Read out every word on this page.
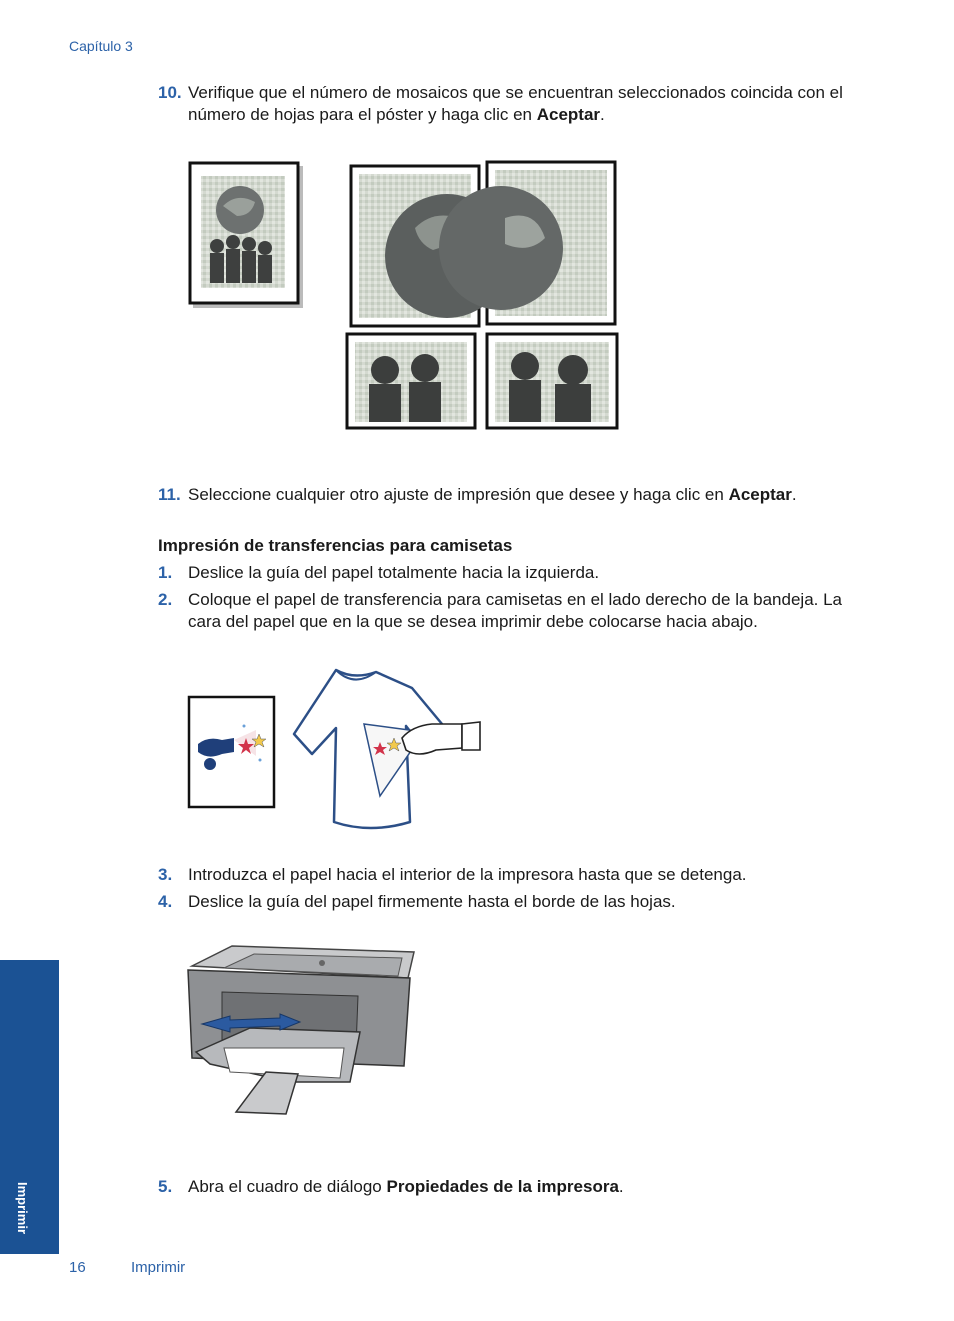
Capítulo 3
10. Verifique que el número de mosaicos que se encuentran seleccionados coincida con el número de hojas para el póster y haga clic en Aceptar.
11. Seleccione cualquier otro ajuste de impresión que desee y haga clic en Aceptar.
Impresión de transferencias para camisetas
1. Deslice la guía del papel totalmente hacia la izquierda.
2. Coloque el papel de transferencia para camisetas en el lado derecho de la bandeja. La cara del papel que en la que se desea imprimir debe colocarse hacia abajo.
3. Introduzca el papel hacia el interior de la impresora hasta que se detenga.
4. Deslice la guía del papel firmemente hasta el borde de las hojas.
5. Abra el cuadro de diálogo Propiedades de la impresora.
Imprimir
16	Imprimir
